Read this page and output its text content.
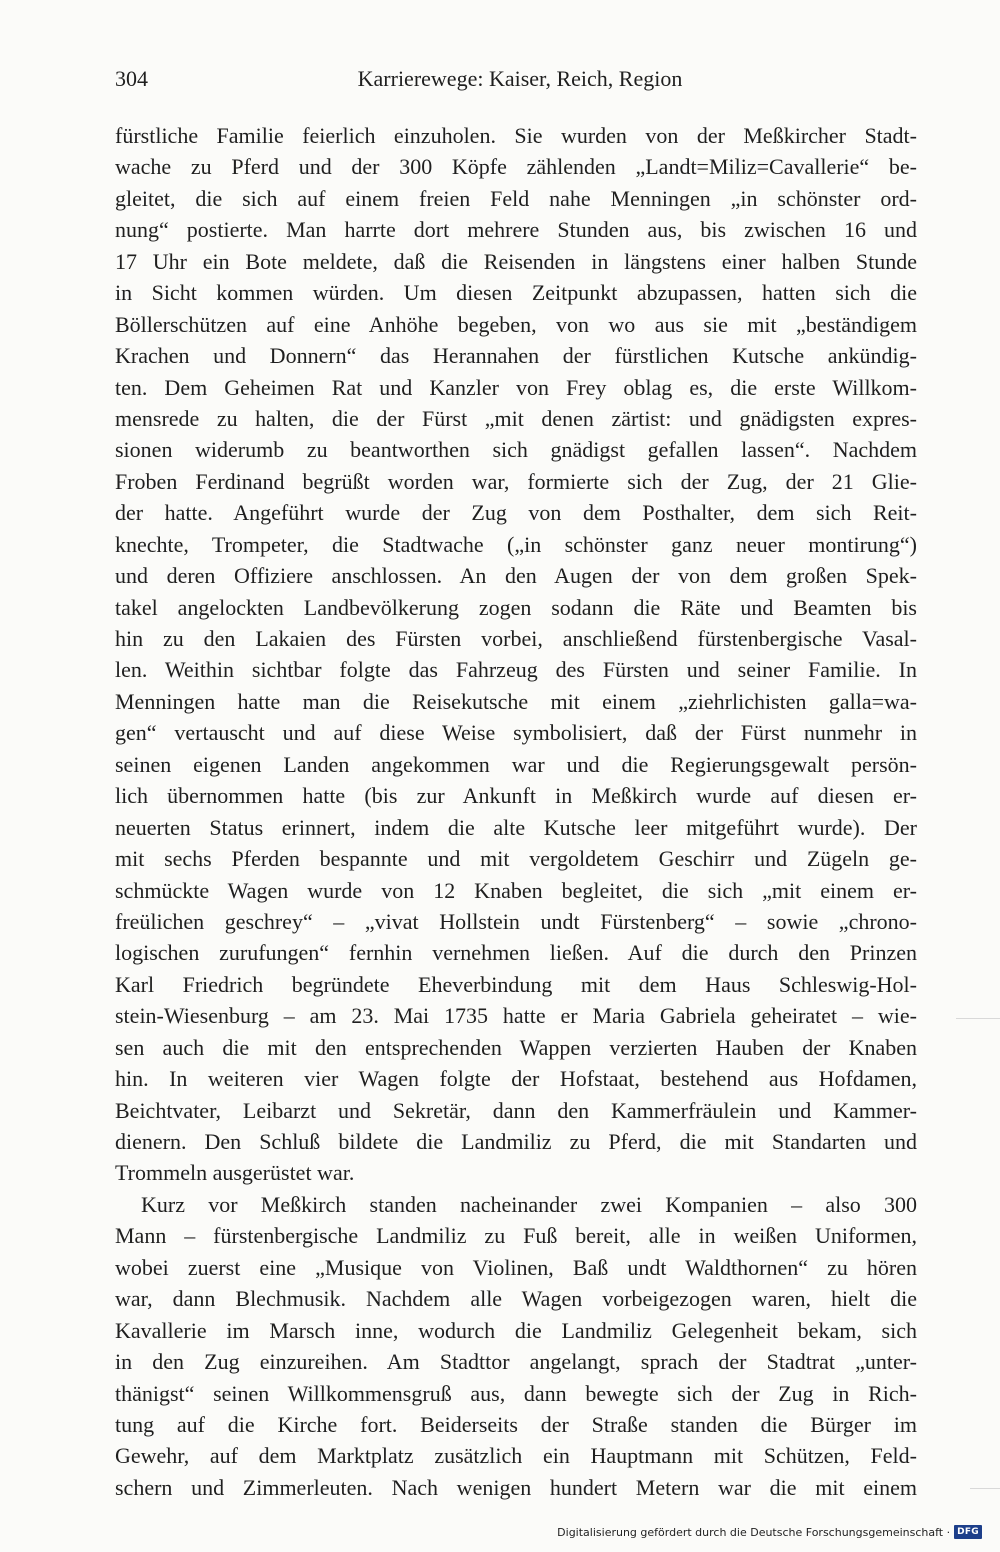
304	Karrierewege: Kaiser, Reich, Region
fürstliche Familie feierlich einzuholen. Sie wurden von der Meßkircher Stadt-
wache zu Pferd und der 300 Köpfe zählenden „Landt=Miliz=Cavallerie“ be-
gleitet, die sich auf einem freien Feld nahe Menningen „in schönster ord-
nung“ postierte. Man harrte dort mehrere Stunden aus, bis zwischen 16 und
17 Uhr ein Bote meldete, daß die Reisenden in längstens einer halben Stunde
in Sicht kommen würden. Um diesen Zeitpunkt abzupassen, hatten sich die
Böllerschützen auf eine Anhöhe begeben, von wo aus sie mit „beständigem
Krachen und Donnern“ das Herannahen der fürstlichen Kutsche ankündig-
ten. Dem Geheimen Rat und Kanzler von Frey oblag es, die erste Willkom-
mensrede zu halten, die der Fürst „mit denen zärtist: und gnädigsten expres-
sionen widerumb zu beantworthen sich gnädigst gefallen lassen“. Nachdem
Froben Ferdinand begrüßt worden war, formierte sich der Zug, der 21 Glie-
der hatte. Angeführt wurde der Zug von dem Posthalter, dem sich Reit-
knechte, Trompeter, die Stadtwache („in schönster ganz neuer montirung“)
und deren Offiziere anschlossen. An den Augen der von dem großen Spek-
takel angelockten Landbevölkerung zogen sodann die Räte und Beamten bis
hin zu den Lakaien des Fürsten vorbei, anschließend fürstenbergische Vasal-
len. Weithin sichtbar folgte das Fahrzeug des Fürsten und seiner Familie. In
Menningen hatte man die Reisekutsche mit einem „ziehrlichisten galla=wa-
gen“ vertauscht und auf diese Weise symbolisiert, daß der Fürst nunmehr in
seinen eigenen Landen angekommen war und die Regierungsgewalt persön-
lich übernommen hatte (bis zur Ankunft in Meßkirch wurde auf diesen er-
neuerten Status erinnert, indem die alte Kutsche leer mitgeführt wurde). Der
mit sechs Pferden bespannte und mit vergoldetem Geschirr und Zügeln ge-
schmückte Wagen wurde von 12 Knaben begleitet, die sich „mit einem er-
freülichen geschrey“ – „vivat Hollstein undt Fürstenberg“ – sowie „chrono-
logischen zurufungen“ fernhin vernehmen ließen. Auf die durch den Prinzen
Karl Friedrich begründete Eheverbindung mit dem Haus Schleswig-Hol-
stein-Wiesenburg – am 23. Mai 1735 hatte er Maria Gabriela geheiratet – wie-
sen auch die mit den entsprechenden Wappen verzierten Hauben der Knaben
hin. In weiteren vier Wagen folgte der Hofstaat, bestehend aus Hofdamen,
Beichtvater, Leibarzt und Sekretär, dann den Kammerfräulein und Kammer-
dienern. Den Schluß bildete die Landmiliz zu Pferd, die mit Standarten und
Trommeln ausgerüstet war.
Kurz vor Meßkirch standen nacheinander zwei Kompanien – also 300
Mann – fürstenbergische Landmiliz zu Fuß bereit, alle in weißen Uniformen,
wobei zuerst eine „Musique von Violinen, Baß undt Waldthornen“ zu hören
war, dann Blechmusik. Nachdem alle Wagen vorbeigezogen waren, hielt die
Kavallerie im Marsch inne, wodurch die Landmiliz Gelegenheit bekam, sich
in den Zug einzureihen. Am Stadttor angelangt, sprach der Stadtrat „unter-
thänigst“ seinen Willkommensgruß aus, dann bewegte sich der Zug in Rich-
tung auf die Kirche fort. Beiderseits der Straße standen die Bürger im
Gewehr, auf dem Marktplatz zusätzlich ein Hauptmann mit Schützen, Feld-
schern und Zimmerleuten. Nach wenigen hundert Metern war die mit einem
Digitalisierung gefördert durch die Deutsche Forschungsgemeinschaft · DFG
